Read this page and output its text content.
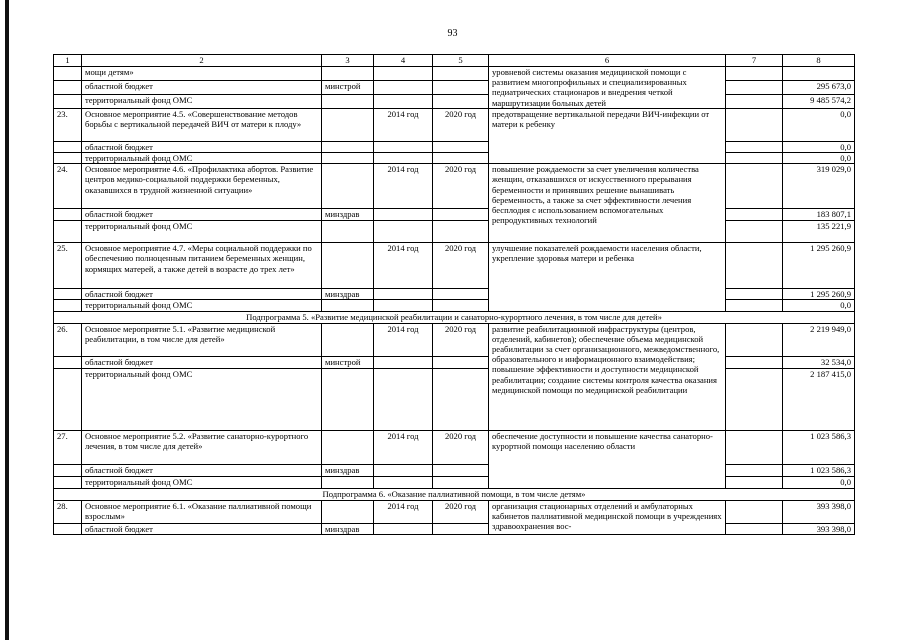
93
1	2	3	4	5	6	7	8
	мощи детям»				уровневой системы оказания медицинской помощи с развитием многопрофильных и специализированных педиатрических стационаров и внедрения четкой маршрутизации больных детей		
	областной бюджет	минстрой					295 673,0
	территориальный фонд ОМС						9 485 574,2
23.	Основное мероприятие 4.5. «Совершенствование методов борьбы с вертикальной передачей ВИЧ от матери к плоду»		2014 год	2020 год	предотвращение вертикальной передачи ВИЧ-инфекции от матери к ребенку		0,0
	областной бюджет						0,0
	территориальный фонд ОМС						0,0
24.	Основное мероприятие 4.6. «Профилактика абортов. Развитие центров медико-социальной поддержки беременных, оказавшихся в трудной жизненной ситуации»		2014 год	2020 год	повышение рождаемости за счет увеличения количества женщин, отказавшихся от искусственного прерывания беременности и принявших решение вынашивать беременность, а также за счет эффективности лечения бесплодия с использованием вспомогательных репродуктивных технологий		319 029,0
	областной бюджет	минздрав					183 807,1
	территориальный фонд ОМС						135 221,9
25.	Основное мероприятие 4.7. «Меры социальной поддержки по обеспечению полноценным питанием беременных женщин, кормящих матерей, а также детей в возрасте до трех лет»		2014 год	2020 год	улучшение показателей рождаемости населения области, укрепление здоровья матери и ребенка		1 295 260,9
	областной бюджет	минздрав					1 295 260,9
	территориальный фонд ОМС						0,0
Подпрограмма 5. «Развитие медицинской реабилитации и санаторно-курортного лечения, в том числе для детей»							
26.	Основное мероприятие 5.1. «Развитие медицинской реабилитации, в том числе для детей»		2014 год	2020 год	развитие реабилитационной инфраструктуры (центров, отделений, кабинетов); обеспечение объема медицинской реабилитации за счет организационного, межведомственного, образовательного и информационного взаимодействия; повышение эффективности и доступности медицинской реабилитации; создание системы контроля качества оказания медицинской помощи по медицинской реабилитации		2 219 949,0
	областной бюджет	минстрой					32 534,0
	территориальный фонд ОМС						2 187 415,0
27.	Основное мероприятие 5.2. «Развитие санаторно-курортного лечения, в том числе для детей»		2014 год	2020 год	обеспечение доступности и повышение качества санаторно-курортной помощи населению области		1 023 586,3
	областной бюджет	минздрав					1 023 586,3
	территориальный фонд ОМС						0,0
Подпрограмма 6. «Оказание паллиативной помощи, в том числе детям»							
28.	Основное мероприятие 6.1. «Оказание паллиативной помощи взрослым»		2014 год	2020 год	организация стационарных отделений и амбулаторных кабинетов паллиативной медицинской помощи в учреждениях здравоохранения вос-		393 398,0
	областной бюджет	минздрав					393 398,0
